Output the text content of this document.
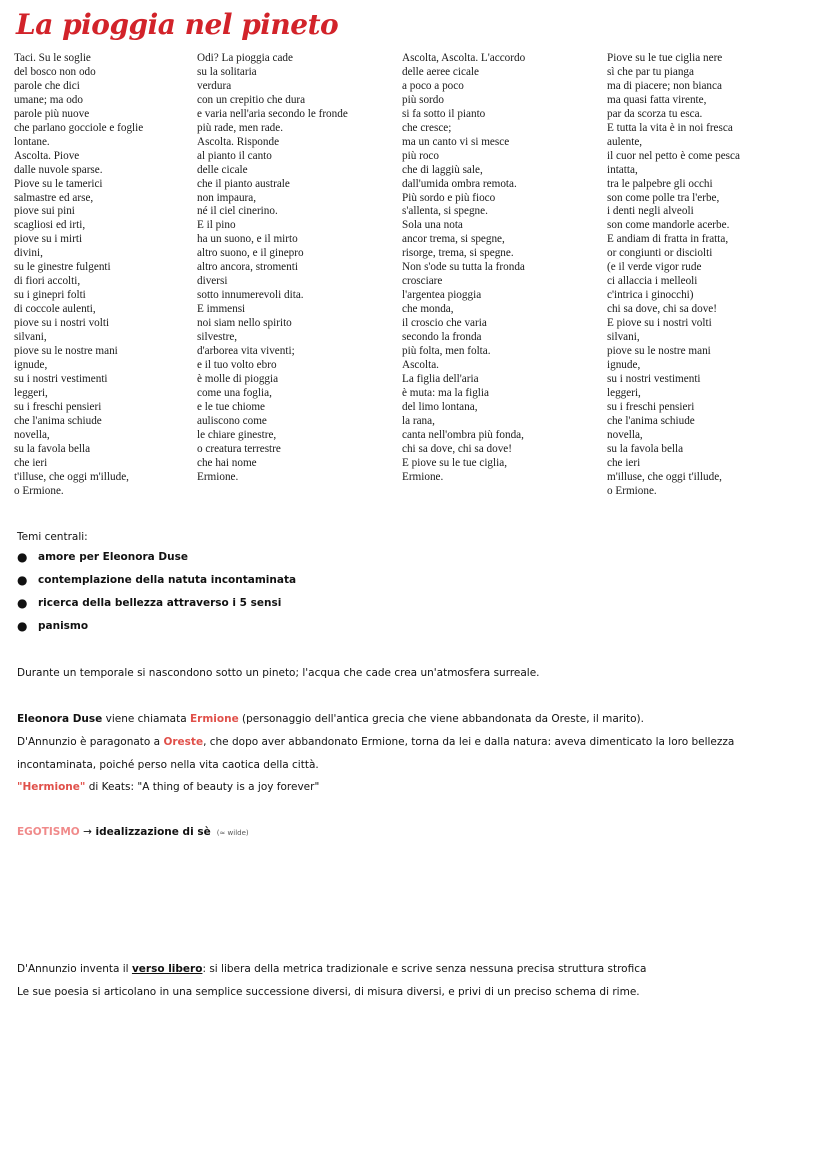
La pioggia nel pineto
Taci. Su le soglie
del bosco non odo
parole che dici
umane; ma odo
parole più nuove
che parlano gocciole e foglie
lontane.
Ascolta. Piove
dalle nuvole sparse.
Piove su le tamerici
salmastre ed arse,
piove sui pini
scagliosi ed irti,
piove su i mirti
divini,
su le ginestre fulgenti
di fiori accolti,
su i ginepri folti
di coccole aulenti,
piove su i nostri volti
silvani,
piove su le nostre mani
ignude,
su i nostri vestimenti
leggeri,
su i freschi pensieri
che l'anima schiude
novella,
su la favola bella
che ieri
t'illuse, che oggi m'illude,
o Ermione.
Odi? La pioggia cade
su la solitaria
verdura
con un crepitio che dura
e varia nell'aria secondo le fronde
più rade, men rade.
Ascolta. Risponde
al pianto il canto
delle cicale
che il pianto australe
non impaura,
né il ciel cinerino.
E il pino
ha un suono, e il mirto
altro suono, e il ginepro
altro ancora, stromenti
diversi
sotto innumerevoli dita.
E immensi
noi siam nello spirito
silvestre,
d'arborea vita viventi;
e il tuo volto ebro
è molle di pioggia
come una foglia,
e le tue chiome
auliscono come
le chiare ginestre,
o creatura terrestre
che hai nome
Ermione.
Ascolta, Ascolta. L'accordo
delle aeree cicale
a poco a poco
più sordo
si fa sotto il pianto
che cresce;
ma un canto vi si mesce
più roco
che di laggiù sale,
dall'umida ombra remota.
Più sordo e più fioco
s'allenta, si spegne.
Sola una nota
ancor trema, si spegne,
risorge, trema, si spegne.
Non s'ode su tutta la fronda
crosciare
l'argentea pioggia
che monda,
il croscio che varia
secondo la fronda
più folta, men folta.
Ascolta.
La figlia dell'aria
è muta: ma la figlia
del limo lontana,
la rana,
canta nell'ombra più fonda,
chi sa dove, chi sa dove!
E piove su le tue ciglia,
Ermione.
Piove su le tue ciglia nere
sì che par tu pianga
ma di piacere; non bianca
ma quasi fatta virente,
par da scorza tu esca.
E tutta la vita è in noi fresca
aulente,
il cuor nel petto è come pesca
intatta,
tra le palpebre gli occhi
son come polle tra l'erbe,
i denti negli alveoli
son come mandorle acerbe.
E andiam di fratta in fratta,
or congiunti or disciolti
(e il verde vigor rude
ci allaccia i melleoli
c'intrica i ginocchi)
chi sa dove, chi sa dove!
E piove su i nostri volti
silvani,
piove su le nostre mani
ignude,
su i nostri vestimenti
leggeri,
su i freschi pensieri
che l'anima schiude
novella,
su la favola bella
che ieri
m'illuse, che oggi t'illude,
o Ermione.
Temi centrali:
●	amore per Eleonora Duse
●	contemplazione della natuta incontaminata
●	ricerca della bellezza attraverso i 5 sensi
●	panismo
Durante un temporale si nascondono sotto un pineto; l'acqua che cade crea un'atmosfera surreale.
Eleonora Duse viene chiamata Ermione (personaggio dell'antica grecia che viene abbandonata da Oreste, il marito).
D'Annunzio è paragonato a Oreste, che dopo aver abbandonato Ermione, torna da lei e dalla natura: aveva dimenticato la loro bellezza
incontaminata, poiché perso nella vita caotica della città.
"Hermione" di Keats: "A thing of beauty is a joy forever"
EGOTISMO → idealizzazione di sè (≈ wilde)
D'Annunzio inventa il verso libero: si libera della metrica tradizionale e scrive senza nessuna precisa struttura strofica
Le sue poesia si articolano in una semplice successione diversi, di misura diversi, e privi di un preciso schema di rime.
